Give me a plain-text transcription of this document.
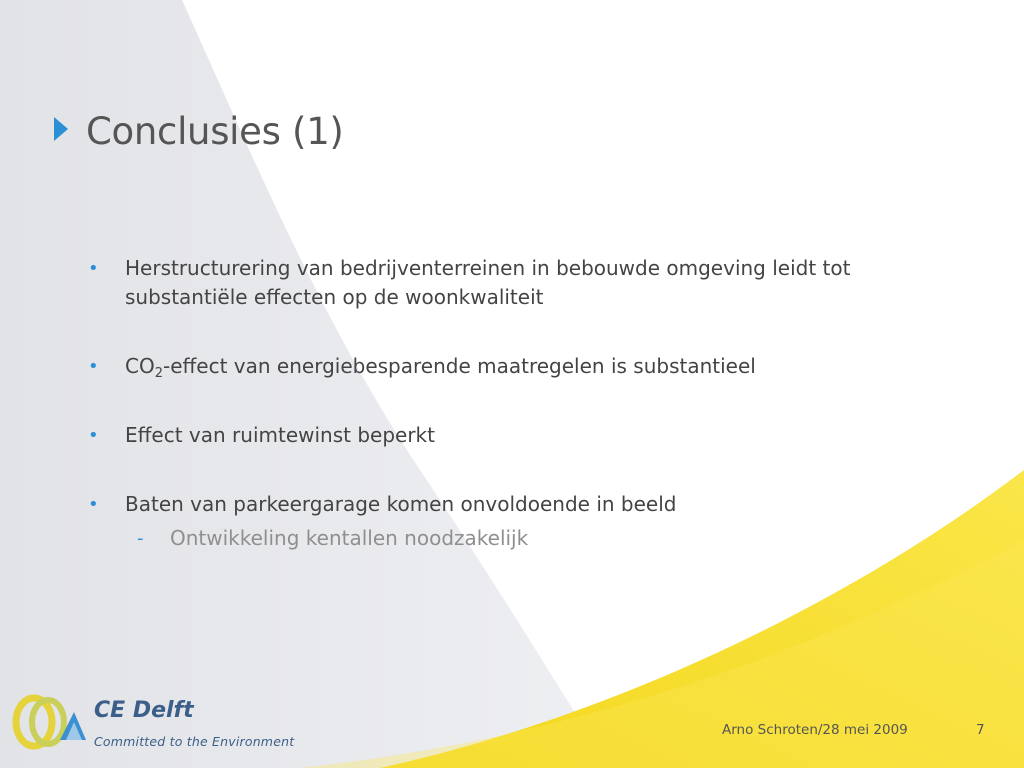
Conclusies (1)
• Herstructurering van bedrijventerreinen in bebouwde omgeving leidt tot substantiële effecten op de woonkwaliteit
• $CO_2$-effect van energiebesparende maatregelen is substantieel
• Effect van ruimtewinst beperkt
• Baten van parkeergarage komen onvoldoende in beeld
- Ontwikkeling kentallen noodzakelijk
CE Delft
Committed to the Environment
Arno Schroten/28 mei 2009	7
